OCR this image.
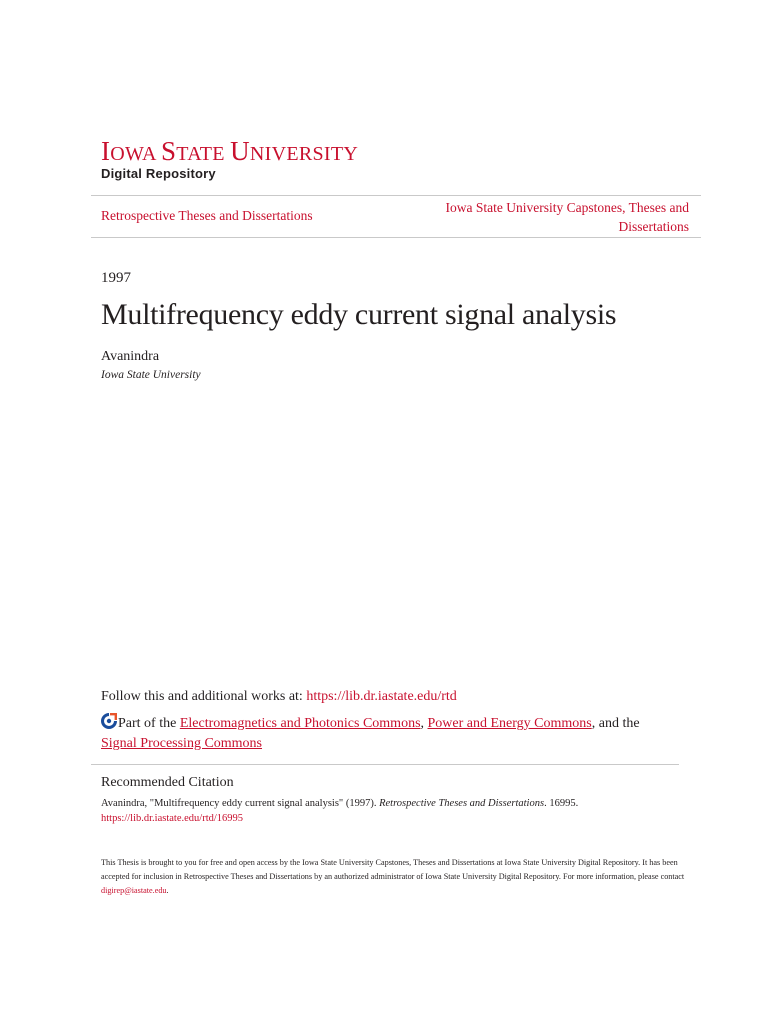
IOWA STATE UNIVERSITY
Digital Repository
Retrospective Theses and Dissertations
Iowa State University Capstones, Theses and
Dissertations
1997
Multifrequency eddy current signal analysis
Avanindra
Iowa State University
Follow this and additional works at: https://lib.dr.iastate.edu/rtd
Part of the Electromagnetics and Photonics Commons, Power and Energy Commons, and the
Signal Processing Commons
Recommended Citation
Avanindra, "Multifrequency eddy current signal analysis" (1997). Retrospective Theses and Dissertations. 16995.
https://lib.dr.iastate.edu/rtd/16995
This Thesis is brought to you for free and open access by the Iowa State University Capstones, Theses and Dissertations at Iowa State University Digital Repository. It has been accepted for inclusion in Retrospective Theses and Dissertations by an authorized administrator of Iowa State University Digital Repository. For more information, please contact digirep@iastate.edu.
